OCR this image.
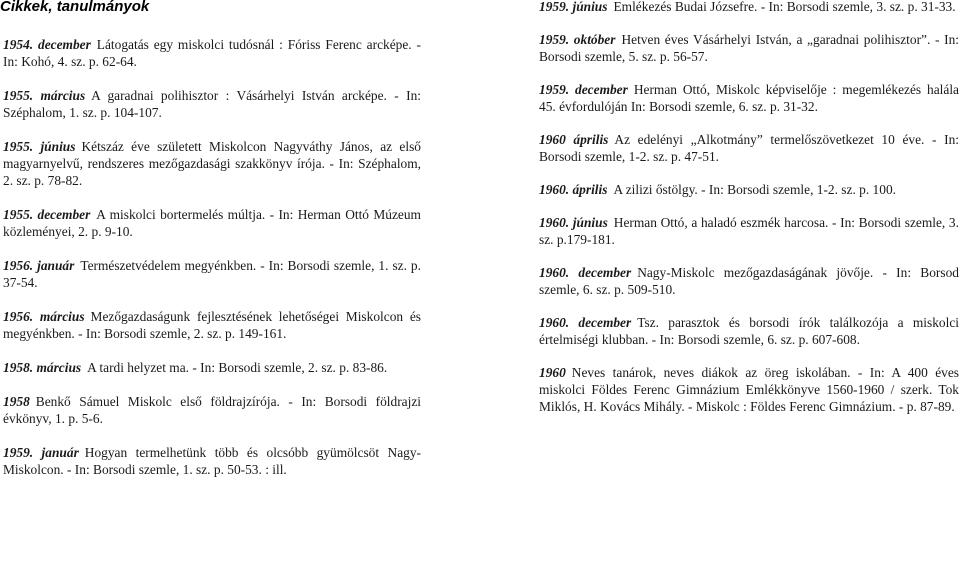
Cikkek, tanulmányok
1954. december Látogatás egy miskolci tudósnál : Fóriss Ferenc arcképe. - In: Kohó, 4. sz. p. 62-64.
1955. március A garadnai polihisztor : Vásárhelyi István arcképe. - In: Széphalom, 1. sz. p. 104-107.
1955. június Kétszáz éve született Miskolcon Nagyváthy János, az első magyarnyelvű, rendszeres mezőgazdasági szakkönyv írója. - In: Széphalom, 2. sz. p. 78-82.
1955. december A miskolci bortermelés múltja. - In: Herman Ottó Múzeum közleményei, 2. p. 9-10.
1956. január Természetvédelem megyénkben. - In: Borsodi szemle, 1. sz. p. 37-54.
1956. március Mezőgazdaságunk fejlesztésének lehetőségei Miskolcon és megyénkben. - In: Borsodi szemle, 2. sz. p. 149-161.
1958. március A tardi helyzet ma. - In: Borsodi szemle, 2. sz. p. 83-86.
1958 Benkő Sámuel Miskolc első földrajzírója. - In: Borsodi földrajzi évkönyv, 1. p. 5-6.
1959. január Hogyan termelhetünk több és olcsóbb gyümölcsöt Nagy-Miskolcon. - In: Borsodi szemle, 1. sz. p. 50-53. : ill.
1959. június Emlékezés Budai Józsefre. - In: Borsodi szemle, 3. sz. p. 31-33.
1959. október Hetven éves Vásárhelyi István, a „garadnai polihisztor”. - In: Borsodi szemle, 5. sz. p. 56-57.
1959. december Herman Ottó, Miskolc képviselője : megemlékezés halála 45. évfordulóján In: Borsodi szemle, 6. sz. p. 31-32.
1960 április Az edelényi „Alkotmány” termelőszövetkezet 10 éve. - In: Borsodi szemle, 1-2. sz. p. 47-51.
1960. április A zilizi őstölgy. - In: Borsodi szemle, 1-2. sz. p. 100.
1960. június Herman Ottó, a haladó eszmék harcosa. - In: Borsodi szemle, 3. sz. p.179-181.
1960. december Nagy-Miskolc mezőgazdaságának jövője. - In: Borsod szemle, 6. sz. p. 509-510.
1960. december Tsz. parasztok és borsodi írók találkozója a miskolci értelmiségi klubban. - In: Borsodi szemle, 6. sz. p. 607-608.
1960 Neves tanárok, neves diákok az öreg iskolában. - In: A 400 éves miskolci Földes Ferenc Gimnázium Emlékkönyve 1560-1960 / szerk. Tok Miklós, H. Kovács Mihály. - Miskolc : Földes Ferenc Gimnázium. - p. 87-89.
